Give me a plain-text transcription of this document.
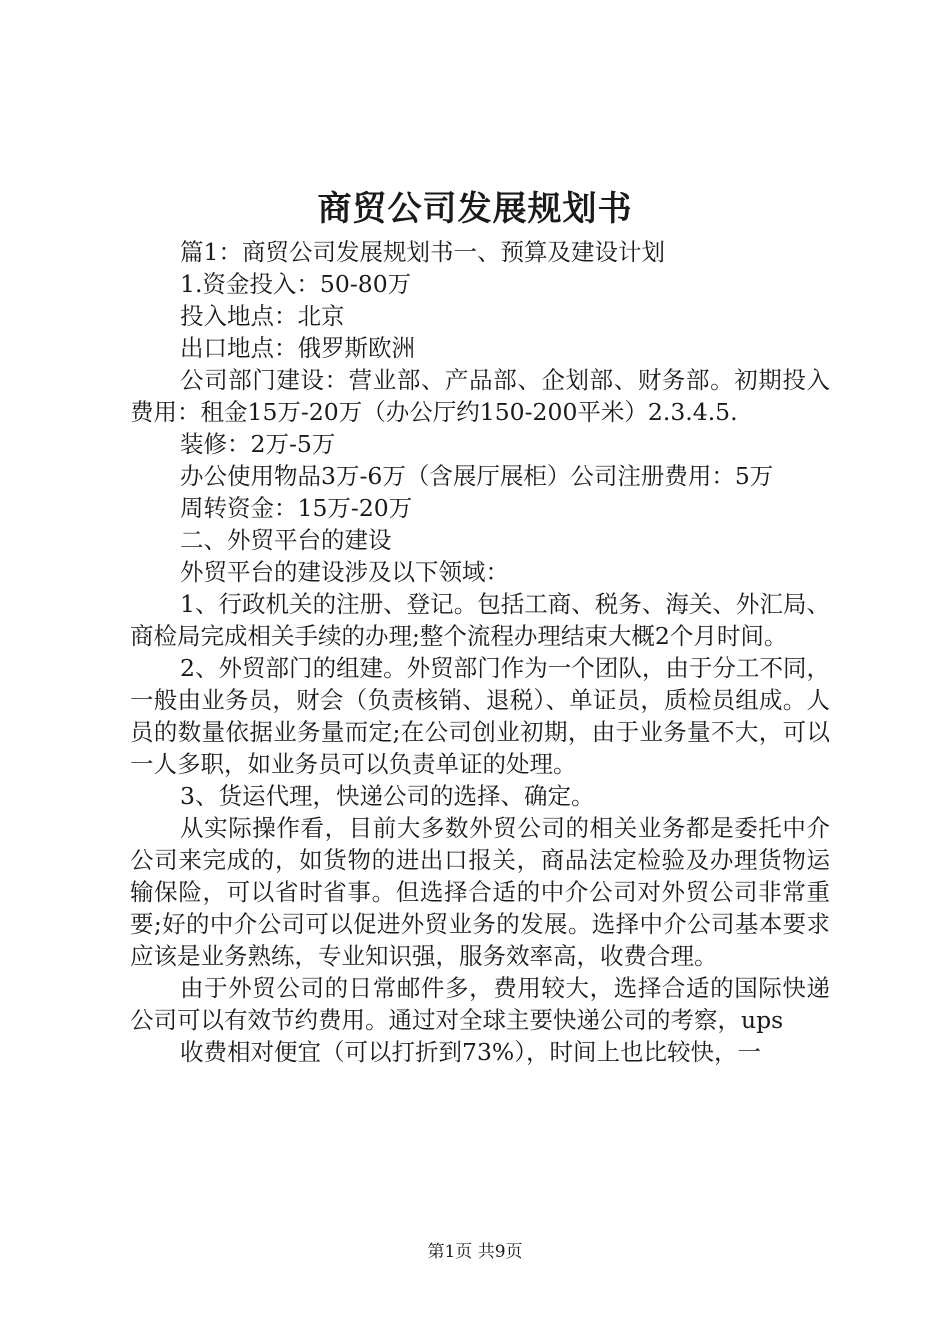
商贸公司发展规划书

篇1：商贸公司发展规划书一、预算及建设计划

1.资金投入：50-80万

投入地点：北京

出口地点：俄罗斯欧洲

公司部门建设：营业部、产品部、企划部、财务部。初期投入费用：租金15万-20万（办公厅约150-200平米）2.3.4.5.

装修：2万-5万

办公使用物品3万-6万（含展厅展柜）公司注册费用：5万

周转资金：15万-20万

二、外贸平台的建设

外贸平台的建设涉及以下领域：

1、行政机关的注册、登记。包括工商、税务、海关、外汇局、商检局完成相关手续的办理;整个流程办理结束大概2个月时间。

2、外贸部门的组建。外贸部门作为一个团队，由于分工不同，一般由业务员，财会（负责核销、退税）、单证员，质检员组成。人员的数量依据业务量而定;在公司创业初期，由于业务量不大，可以一人多职，如业务员可以负责单证的处理。

3、货运代理，快递公司的选择、确定。

从实际操作看，目前大多数外贸公司的相关业务都是委托中介公司来完成的，如货物的进出口报关，商品法定检验及办理货物运输保险，可以省时省事。但选择合适的中介公司对外贸公司非常重要;好的中介公司可以促进外贸业务的发展。选择中介公司基本要求应该是业务熟练，专业知识强，服务效率高，收费合理。

由于外贸公司的日常邮件多，费用较大，选择合适的国际快递公司可以有效节约费用。通过对全球主要快递公司的考察，ups

收费相对便宜（可以打折到73%），时间上也比较快，一

第1页 共9页
